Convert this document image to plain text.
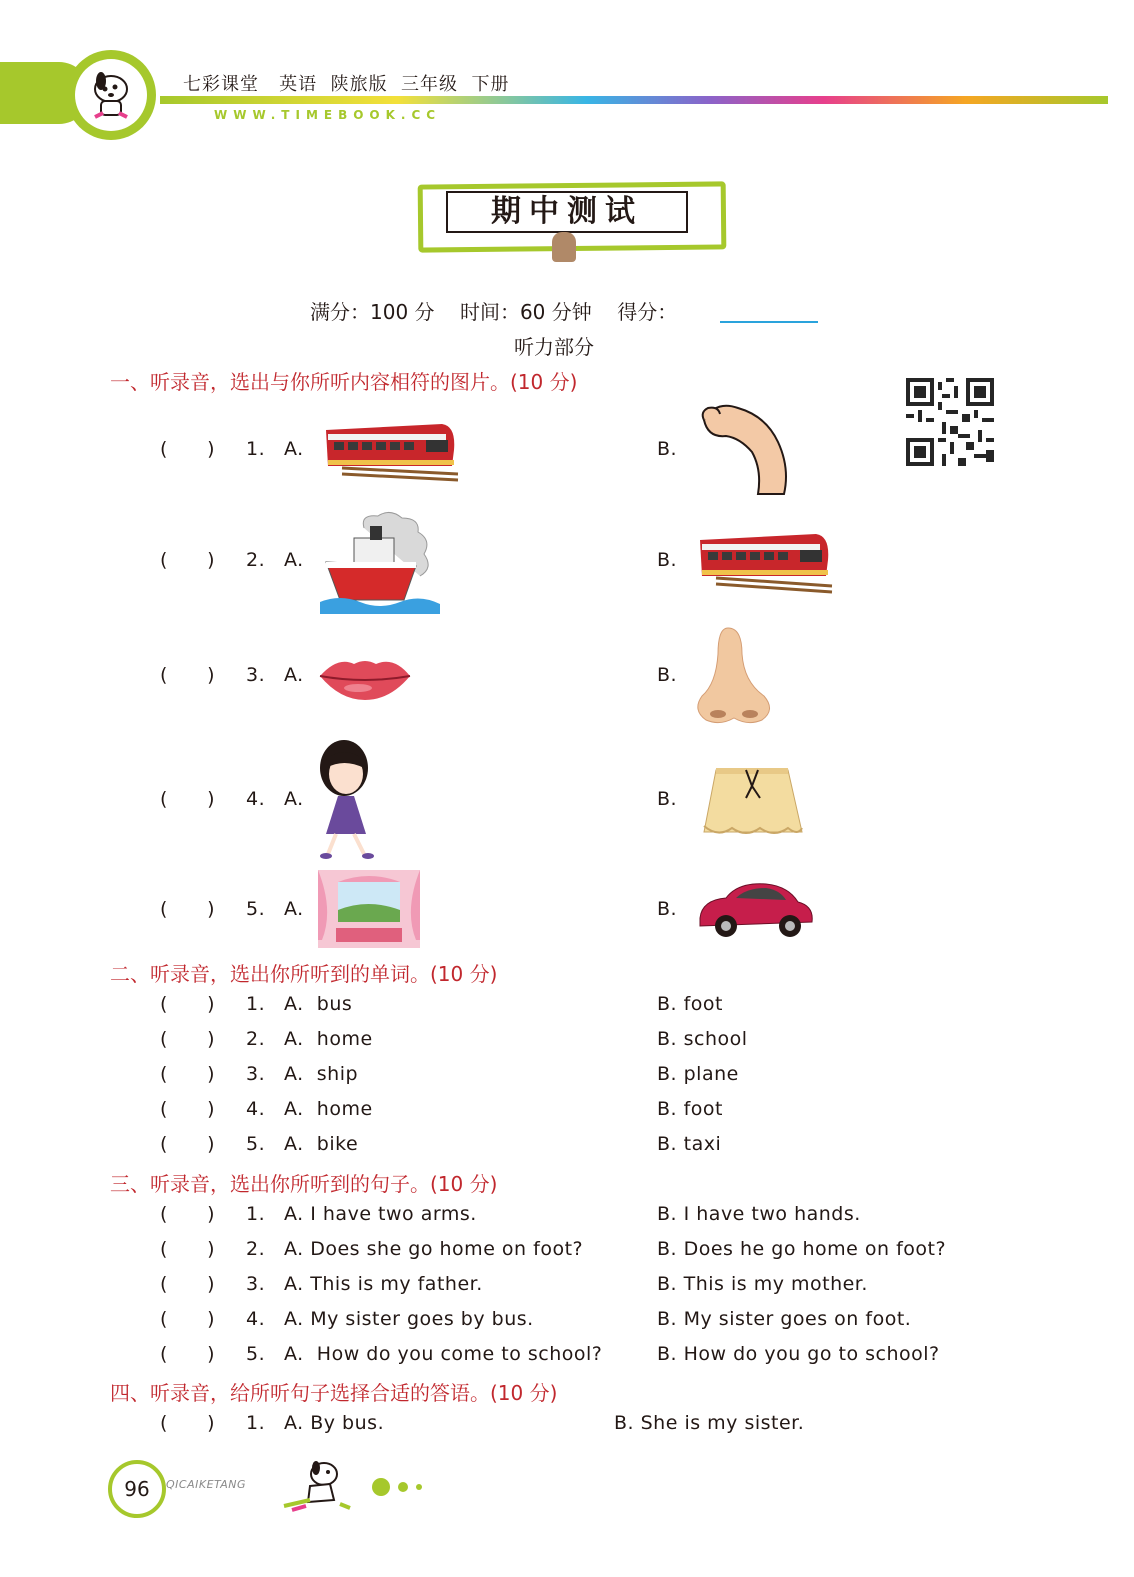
七彩课堂   英语  陕旅版  三年级  下册
WWW.TIMEBOOK.CC
期中测试
满分：100 分    时间：60 分钟    得分：
听力部分
一、听录音，选出与你所听内容相符的图片。(10 分)
(      ) 1. A.	B.
(      ) 2. A.	B.
(      ) 3. A.	B.
(      ) 4. A.	B.
(      ) 5. A.	B.
二、听录音，选出你所听到的单词。(10 分)
(      ) 1. A.  bus	B. foot
(      ) 2. A.  home	B. school
(      ) 3. A.  ship	B. plane
(      ) 4. A.  home	B. foot
(      ) 5. A.  bike	B. taxi
三、听录音，选出你所听到的句子。(10 分)
(      ) 1. A. I have two arms.	B. I have two hands.
(      ) 2. A. Does she go home on foot?	B. Does he go home on foot?
(      ) 3. A. This is my father.	B. This is my mother.
(      ) 4. A. My sister goes by bus.	B. My sister goes on foot.
(      ) 5. A.  How do you come to school?	B. How do you go to school?
四、听录音，给所听句子选择合适的答语。(10 分)
(      ) 1. A. By bus.	B. She is my sister.
96	QICAIKETANG
